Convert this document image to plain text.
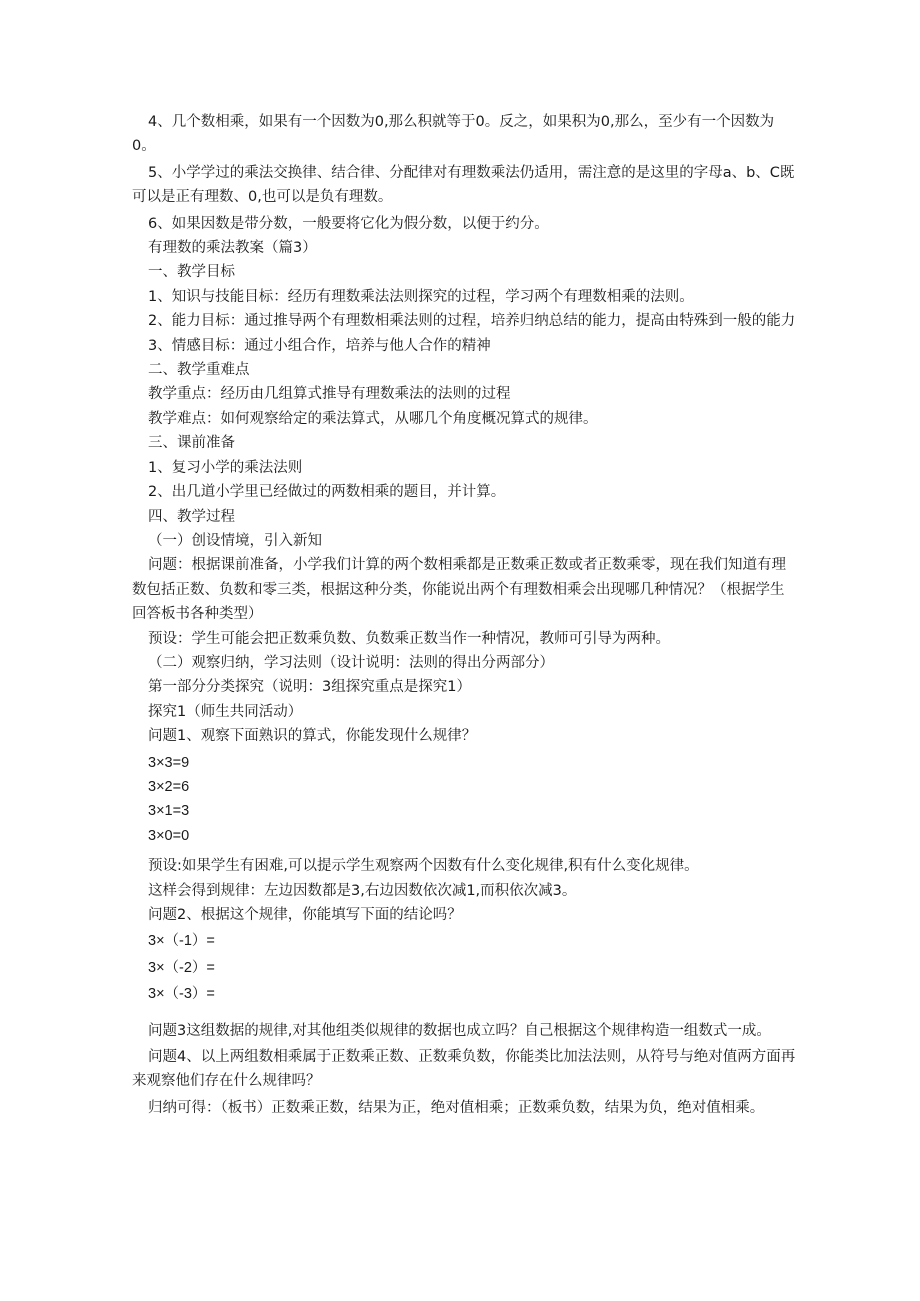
4、几个数相乘，如果有一个因数为0,那么积就等于0。反之，如果积为0,那么，至少有一个因数为0。

5、小学学过的乘法交换律、结合律、分配律对有理数乘法仍适用，需注意的是这里的字母a、b、C既可以是正有理数、0,也可以是负有理数。

6、如果因数是带分数，一般要将它化为假分数，以便于约分。

有理数的乘法教案（篇3）

一、教学目标

1、知识与技能目标：经历有理数乘法法则探究的过程，学习两个有理数相乘的法则。

2、能力目标：通过推导两个有理数相乘法则的过程，培养归纳总结的能力，提高由特殊到一般的能力

3、情感目标：通过小组合作，培养与他人合作的精神

二、教学重难点

教学重点：经历由几组算式推导有理数乘法的法则的过程

教学难点：如何观察给定的乘法算式，从哪几个角度概况算式的规律。

三、课前准备

1、复习小学的乘法法则

2、出几道小学里已经做过的两数相乘的题目，并计算。

四、教学过程

（一）创设情境，引入新知

问题：根据课前准备，小学我们计算的两个数相乘都是正数乘正数或者正数乘零，现在我们知道有理数包括正数、负数和零三类，根据这种分类，你能说出两个有理数相乘会出现哪几种情况？（根据学生回答板书各种类型）

预设：学生可能会把正数乘负数、负数乘正数当作一种情况，教师可引导为两种。

（二）观察归纳，学习法则（设计说明：法则的得出分两部分）

第一部分分类探究（说明：3组探究重点是探究1）

探究1（师生共同活动）

问题1、观察下面熟识的算式，你能发现什么规律？

3×3=9

3×2=6

3×1=3

3×0=0

预设:如果学生有困难,可以提示学生观察两个因数有什么变化规律,积有什么变化规律。

这样会得到规律：左边因数都是3,右边因数依次减1,而积依次减3。

问题2、根据这个规律，你能填写下面的结论吗？

3×（-1）=

3×（-2）=

3×（-3）=

问题3这组数据的规律,对其他组类似规律的数据也成立吗？自己根据这个规律构造一组数式一成。

问题4、以上两组数相乘属于正数乘正数、正数乘负数，你能类比加法法则，从符号与绝对值两方面再来观察他们存在什么规律吗？

归纳可得：（板书）正数乘正数，结果为正，绝对值相乘；正数乘负数，结果为负，绝对值相乘。
